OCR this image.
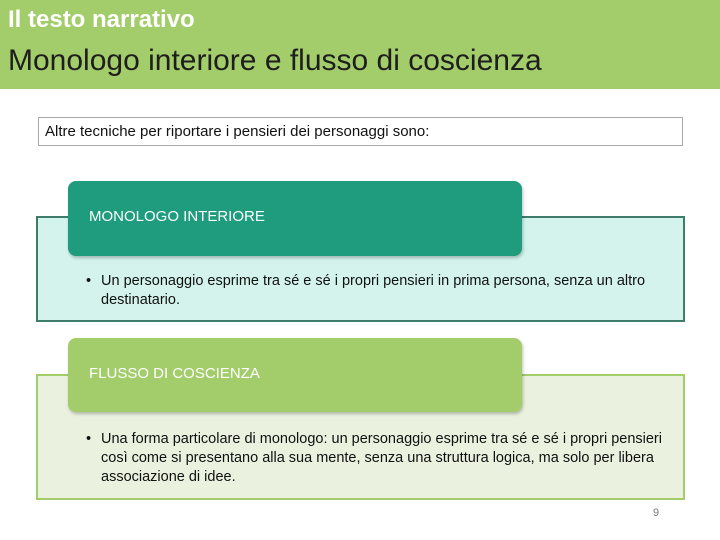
Il testo narrativo
Monologo interiore e flusso di coscienza
Altre tecniche per riportare i pensieri dei personaggi sono:
• Un personaggio esprime tra sé e sé i propri pensieri in prima persona, senza un altro destinatario.
MONOLOGO INTERIORE
• Una forma particolare di monologo: un personaggio esprime tra sé e sé i propri pensieri così come si presentano alla sua mente, senza una struttura logica, ma solo per libera associazione di idee.
FLUSSO DI COSCIENZA
9
